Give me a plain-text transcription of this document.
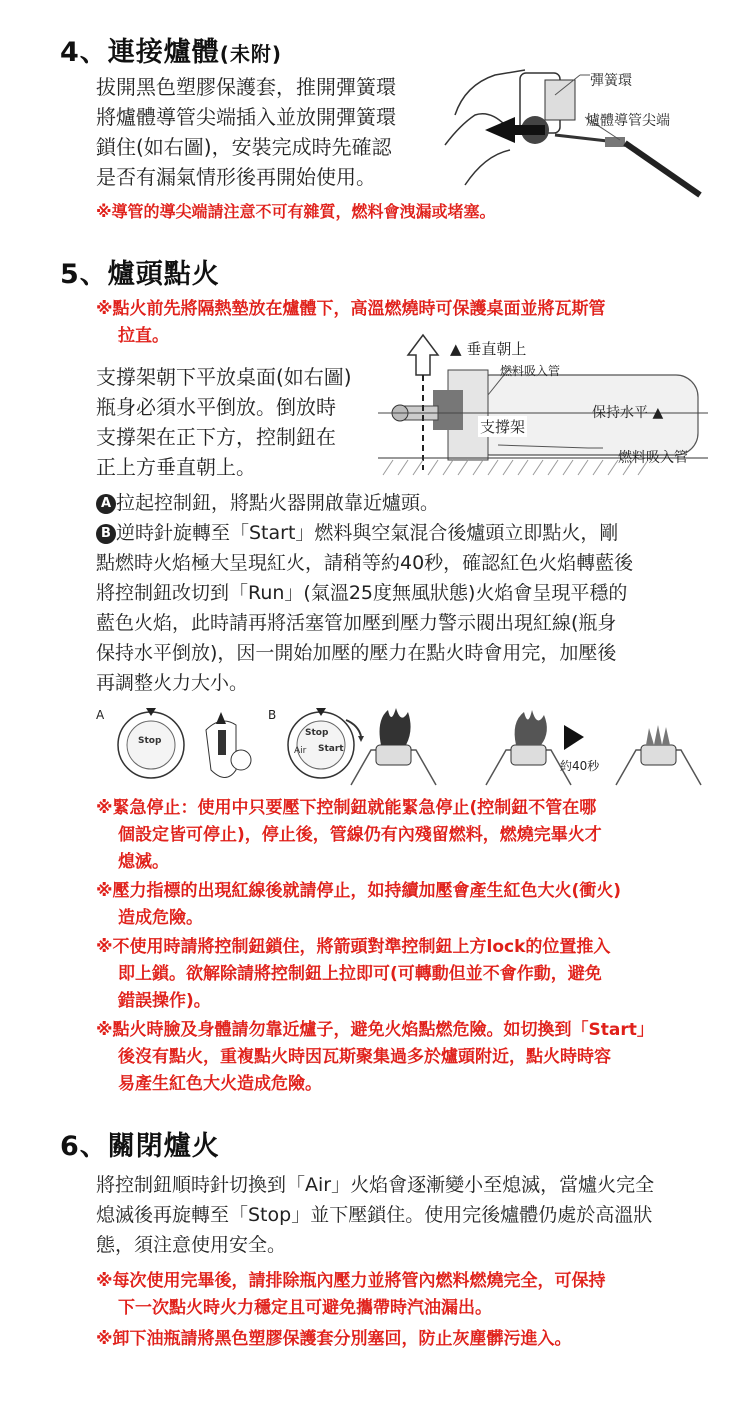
4、連接爐體(未附)
拔開黑色塑膠保護套，推開彈簧環
將爐體導管尖端插入並放開彈簧環
鎖住(如右圖)，安裝完成時先確認
是否有漏氣情形後再開始使用。
彈簧環
爐體導管尖端
※導管的導尖端請注意不可有雜質，燃料會洩漏或堵塞。
5、爐頭點火
※點火前先將隔熱墊放在爐體下，高溫燃燒時可保護桌面並將瓦斯管
拉直。
支撐架朝下平放桌面(如右圖)
瓶身必須水平倒放。倒放時
支撐架在正下方，控制鈕在
正上方垂直朝上。
▲ 垂直朝上
燃料吸入管
保持水平 ▲
支撐架
燃料吸入管
A 拉起控制鈕，將點火器開啟靠近爐頭。
B 逆時針旋轉至「Start」燃料與空氣混合後爐頭立即點火，剛
點燃時火焰極大呈現紅火，請稍等約40秒，確認紅色火焰轉藍後
將控制鈕改切到「Run」(氣溫25度無風狀態)火焰會呈現平穩的
藍色火焰，此時請再將活塞管加壓到壓力警示閥出現紅線(瓶身
保持水平倒放)，因一開始加壓的壓力在點火時會用完，加壓後
再調整火力大小。
A	B
Stop
Stop
Start
Air
約40秒
※緊急停止：使用中只要壓下控制鈕就能緊急停止(控制鈕不管在哪
個設定皆可停止)，停止後，管線仍有內殘留燃料，燃燒完畢火才
熄滅。
※壓力指標的出現紅線後就請停止，如持續加壓會產生紅色大火(衝火)
造成危險。
※不使用時請將控制鈕鎖住，將箭頭對準控制鈕上方lock的位置推入
即上鎖。欲解除請將控制鈕上拉即可(可轉動但並不會作動，避免
錯誤操作)。
※點火時臉及身體請勿靠近爐子，避免火焰點燃危險。如切換到「Start」
後沒有點火，重複點火時因瓦斯聚集過多於爐頭附近，點火時時容
易產生紅色大火造成危險。
6、關閉爐火
將控制鈕順時針切換到「Air」火焰會逐漸變小至熄滅，當爐火完全
熄滅後再旋轉至「Stop」並下壓鎖住。使用完後爐體仍處於高溫狀
態，須注意使用安全。
※每次使用完畢後，請排除瓶內壓力並將管內燃料燃燒完全，可保持
下一次點火時火力穩定且可避免攜帶時汽油漏出。
※卸下油瓶請將黑色塑膠保護套分別塞回，防止灰塵髒污進入。
